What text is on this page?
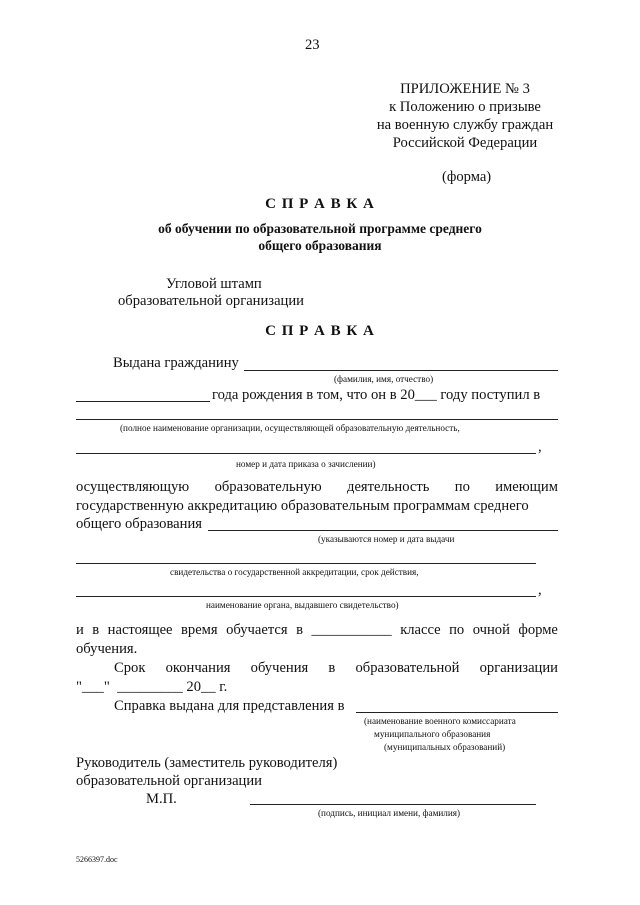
23
ПРИЛОЖЕНИЕ № 3
к Положению о призыве
на военную службу граждан
Российской Федерации
(форма)
С П Р А В К А
об обучении по образовательной программе среднего
общего образования
Угловой штамп
образовательной организации
С П Р А В К А
Выдана гражданину
(фамилия, имя, отчество)
года рождения в том, что он в 20___ году поступил в
(полное наименование организации, осуществляющей образовательную деятельность,
,
номер и дата приказа о зачислении)
осуществляющую образовательную деятельность по имеющим
государственную аккредитацию образовательным программам среднего
общего образования
(указываются номер и дата выдачи
свидетельства о государственной аккредитации, срок действия,
,
наименование органа, выдавшего свидетельство)
и в настоящее время обучается в ___________ классе по очной форме
обучения.
Срок окончания обучения в образовательной организации
"___"  _________ 20__ г.
Справка выдана для представления в
(наименование военного комиссариата
муниципального образования
(муниципальных образований)
Руководитель (заместитель руководителя)
образовательной организации
М.П.
(подпись, инициал имени, фамилия)
5266397.doc
